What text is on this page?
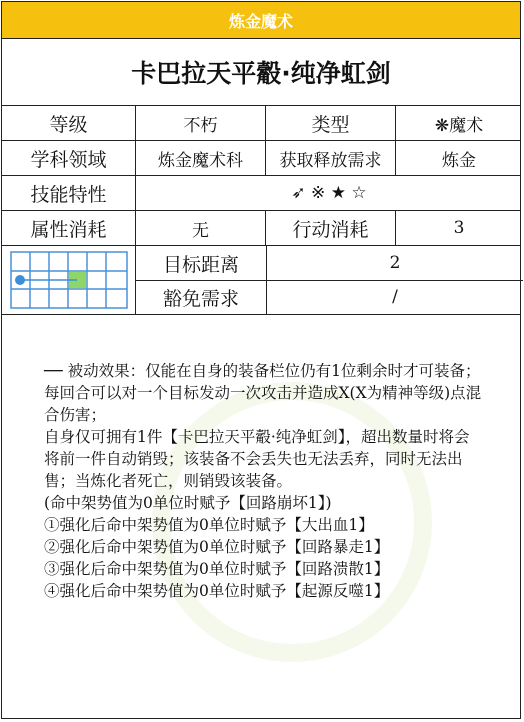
炼金魔术
卡巴拉天平觳·纯净虹剑
等级	不朽	类型	❋魔术
学科领域	炼金魔术科	获取释放需求	炼金
技能特性	➶ ※ ★ ☆
属性消耗	无	行动消耗	3
目标距离	2
豁免需求	/

── 被动效果：仅能在自身的装备栏位仍有1位剩余时才可装备；每回合可以对一个目标发动一次攻击并造成X(X为精神等级)点混合伤害；

自身仅可拥有1件【卡巴拉天平觳·纯净虹剑】，超出数量时将会将前一件自动销毁；该装备不会丢失也无法丢弃，同时无法出售；当炼化者死亡，则销毁该装备。

(命中架势值为0单位时赋予【回路崩坏1】)

①强化后命中架势值为0单位时赋予【大出血1】

②强化后命中架势值为0单位时赋予【回路暴走1】

③强化后命中架势值为0单位时赋予【回路溃散1】

④强化后命中架势值为0单位时赋予【起源反噬1】
